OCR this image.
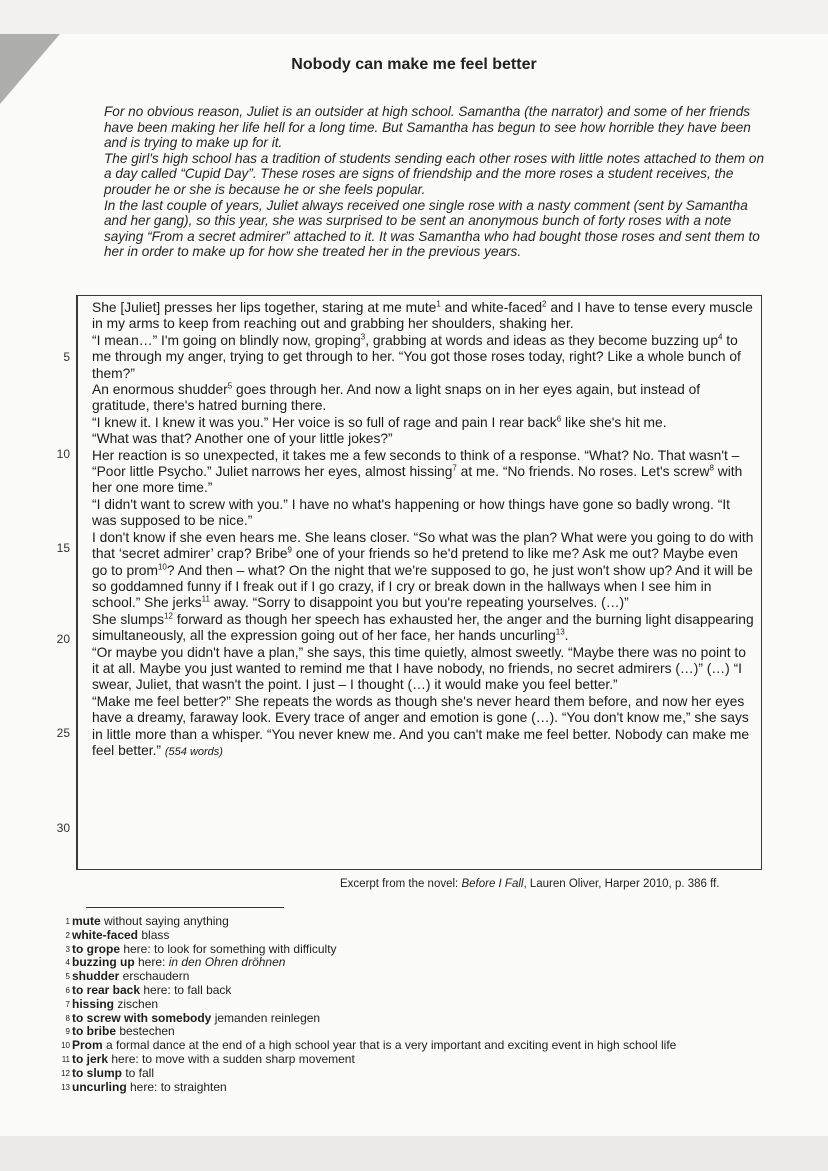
Nobody can make me feel better

For no obvious reason, Juliet is an outsider at high school. Samantha (the narrator) and some of her friends have been making her life hell for a long time. But Samantha has begun to see how horrible they have been and is trying to make up for it.

The girl's high school has a tradition of students sending each other roses with little notes attached to them on a day called “Cupid Day”. These roses are signs of friendship and the more roses a student receives, the prouder he or she is because he or she feels popular.

In the last couple of years, Juliet always received one single rose with a nasty comment (sent by Samantha and her gang), so this year, she was surprised to be sent an anonymous bunch of forty roses with a note saying “From a secret admirer” attached to it. It was Samantha who had bought those roses and sent them to her in order to make up for how she treated her in the previous years.

She [Juliet] presses her lips together, staring at me mute$^1$ and white-faced$^2$ and I have to tense every muscle in my arms to keep from reaching out and grabbing her shoulders, shaking her.

“I mean…” I'm going on blindly now, groping$^3$, grabbing at words and ideas as they become buzzing $up^4$ to me through my anger, trying to get through to her. “You got those roses today, right? Like a whole bunch of them?”

An enormous shudder$^5$ goes through her. And now a light snaps on in her eyes again, but instead of gratitude, there's hatred burning there.

“I knew it. I knew it was you.” Her voice is so full of rage and pain I rear back$^6$ like she's hit me.

“What was that? Another one of your little jokes?”

Her reaction is so unexpected, it takes me a few seconds to think of a response. “What? No. That wasn't – “Poor little Psycho.” Juliet narrows her eyes, almost hissing$^7$ at me. “No friends. No roses. Let's screw$^8$ with her one more time.”

“I didn't want to screw with you.” I have no what's happening or how things have gone so badly wrong. “It was supposed to be nice.”

I don't know if she even hears me. She leans closer. “So what was the plan? What were you going to do with that ‘secret admirer’ crap? Bribe$^9$ one of your friends so he'd pretend to like me? Ask me out? Maybe even go to prom$^{10}$? And then – what? On the night that we're supposed to go, he just won't show up? And it will be so goddamned funny if I freak out if I go crazy, if I cry or break down in the hallways when I see him in school.” She jerks$^{11}$ away. “Sorry to disappoint you but you're repeating yourselves. (…)”

She slumps$^{12}$ forward as though her speech has exhausted her, the anger and the burning light disappearing simultaneously, all the expression going out of her face, her hands uncurling$^{13}$.

“Or maybe you didn't have a plan,” she says, this time quietly, almost sweetly. “Maybe there was no point to it at all. Maybe you just wanted to remind me that I have nobody, no friends, no secret admirers (…)” (…) “I swear, Juliet, that wasn't the point. I just – I thought (…) it would make you feel better.”

“Make me feel better?” She repeats the words as though she's never heard them before, and now her eyes have a dreamy, faraway look. Every trace of anger and emotion is gone (…). “You don't know me,” she says in little more than a whisper. “You never knew me. And you can't make me feel better. Nobody can make me feel better.” (554 words)

5
10
15
20
25
30
Excerpt from the novel: Before I Fall, Lauren Oliver, Harper 2010, p. 386 ff.
1 mute without saying anything
2 white-faced blass
3 to grope here: to look for something with difficulty
4 buzzing up here: in den Ohren dröhnen
5 shudder erschaudern
6 to rear back here: to fall back
7 hissing zischen
8 to screw with somebody jemanden reinlegen
9 to bribe bestechen
10 Prom a formal dance at the end of a high school year that is a very important and exciting event in high school life
11 to jerk here: to move with a sudden sharp movement
12 to slump to fall
13 uncurling here: to straighten
